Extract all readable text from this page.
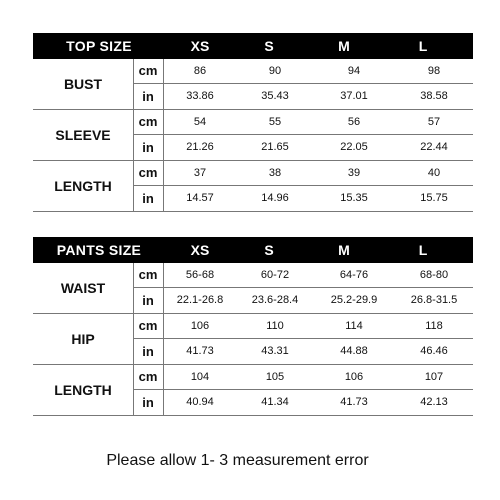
TOP SIZE	XS	S	M	L
BUST
cm	86	90	94	98
in	33.86	35.43	37.01	38.58
SLEEVE
cm	54	55	56	57
in	21.26	21.65	22.05	22.44
LENGTH
cm	37	38	39	40
in	14.57	14.96	15.35	15.75
PANTS SIZE	XS	S	M	L
WAIST
cm	56-68	60-72	64-76	68-80
in	22.1-26.8	23.6-28.4	25.2-29.9	26.8-31.5
HIP
cm	106	110	114	118
in	41.73	43.31	44.88	46.46
LENGTH
cm	104	105	106	107
in	40.94	41.34	41.73	42.13
Please allow 1- 3 measurement error
